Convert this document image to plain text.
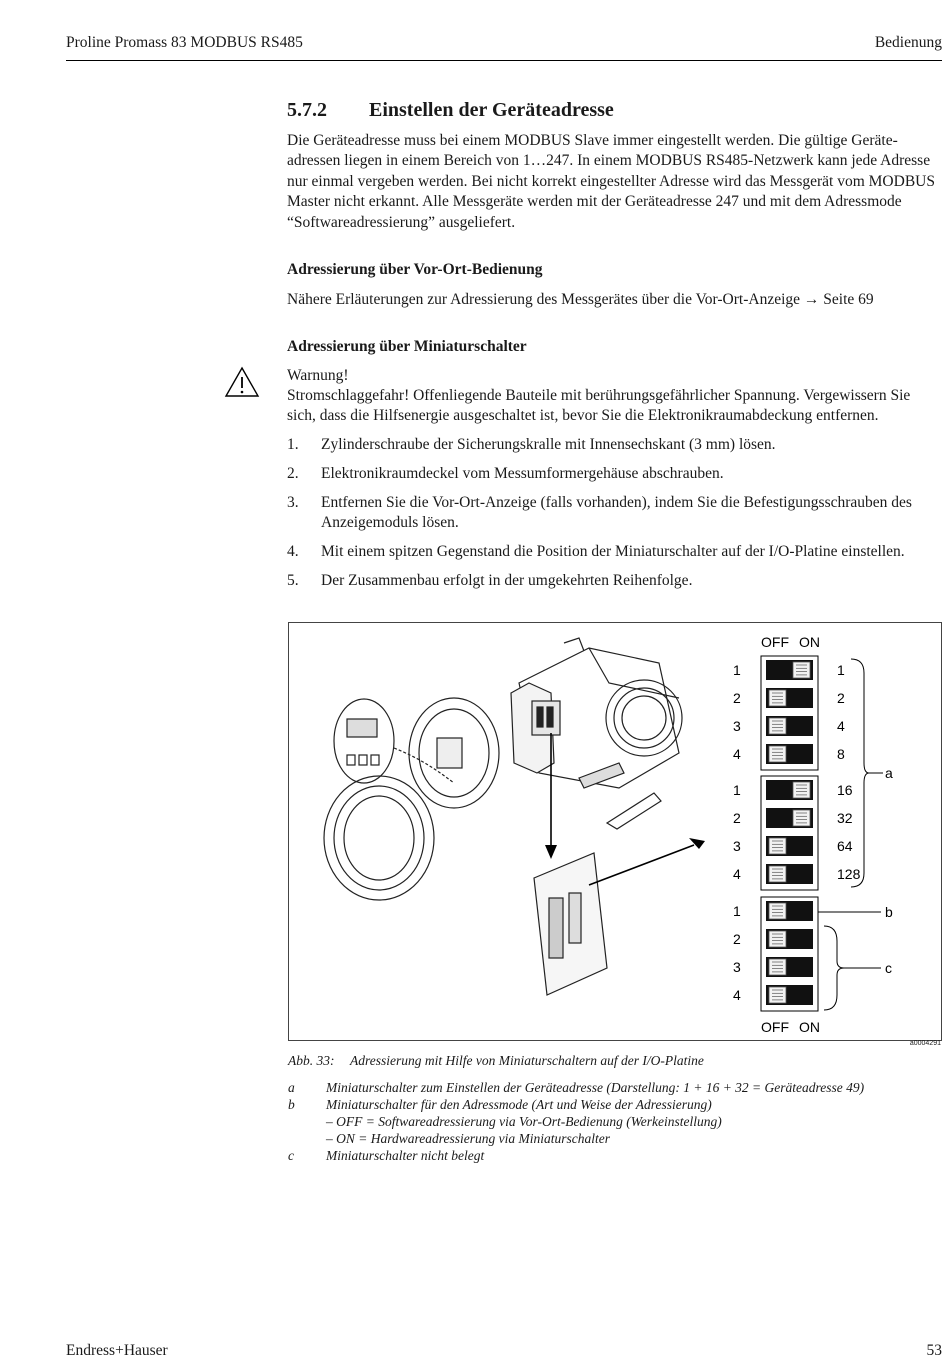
Proline Promass 83 MODBUS RS485	Bedienung
5.7.2 Einstellen der Geräteadresse
Die Geräteadresse muss bei einem MODBUS Slave immer eingestellt werden. Die gültige Geräteadressen liegen in einem Bereich von 1…247. In einem MODBUS RS485-Netzwerk kann jede Adresse nur einmal vergeben werden. Bei nicht korrekt eingestellter Adresse wird das Messgerät vom MODBUS Master nicht erkannt. Alle Messgeräte werden mit der Geräteadresse 247 und mit dem Adressmode “Softwareadressierung” ausgeliefert.
Adressierung über Vor-Ort-Bedienung
Nähere Erläuterungen zur Adressierung des Messgerätes über die Vor-Ort-Anzeige → Seite 69
Adressierung über Miniaturschalter
Warnung!
Stromschlaggefahr! Offenliegende Bauteile mit berührungsgefährlicher Spannung. Vergewissern Sie sich, dass die Hilfsenergie ausgeschaltet ist, bevor Sie die Elektronikraumabdeckung entfernen.
1. Zylinderschraube der Sicherungskralle mit Innensechskant (3 mm) lösen.
2. Elektronikraumdeckel vom Messumformergehäuse abschrauben.
3. Entfernen Sie die Vor-Ort-Anzeige (falls vorhanden), indem Sie die Befestigungsschrauben des Anzeigemoduls lösen.
4. Mit einem spitzen Gegenstand die Position der Miniaturschalter auf der I/O-Platine einstellen.
5. Der Zusammenbau erfolgt in der umgekehrten Reihenfolge.
OFF ON
OFF ON
1	1
2	2
3	4
4	8
1	16
2	32
3	64
4	128
1
2
3
4
a
b
c
a0004291
Abb. 33: Adressierung mit Hilfe von Miniaturschaltern auf der I/O-Platine
a Miniaturschalter zum Einstellen der Geräteadresse (Darstellung: 1 + 16 + 32 = Geräteadresse 49)
b Miniaturschalter für den Adressmode (Art und Weise der Adressierung)
– OFF = Softwareadressierung via Vor-Ort-Bedienung (Werkeinstellung)
– ON = Hardwareadressierung via Miniaturschalter
c Miniaturschalter nicht belegt
Endress+Hauser	53
